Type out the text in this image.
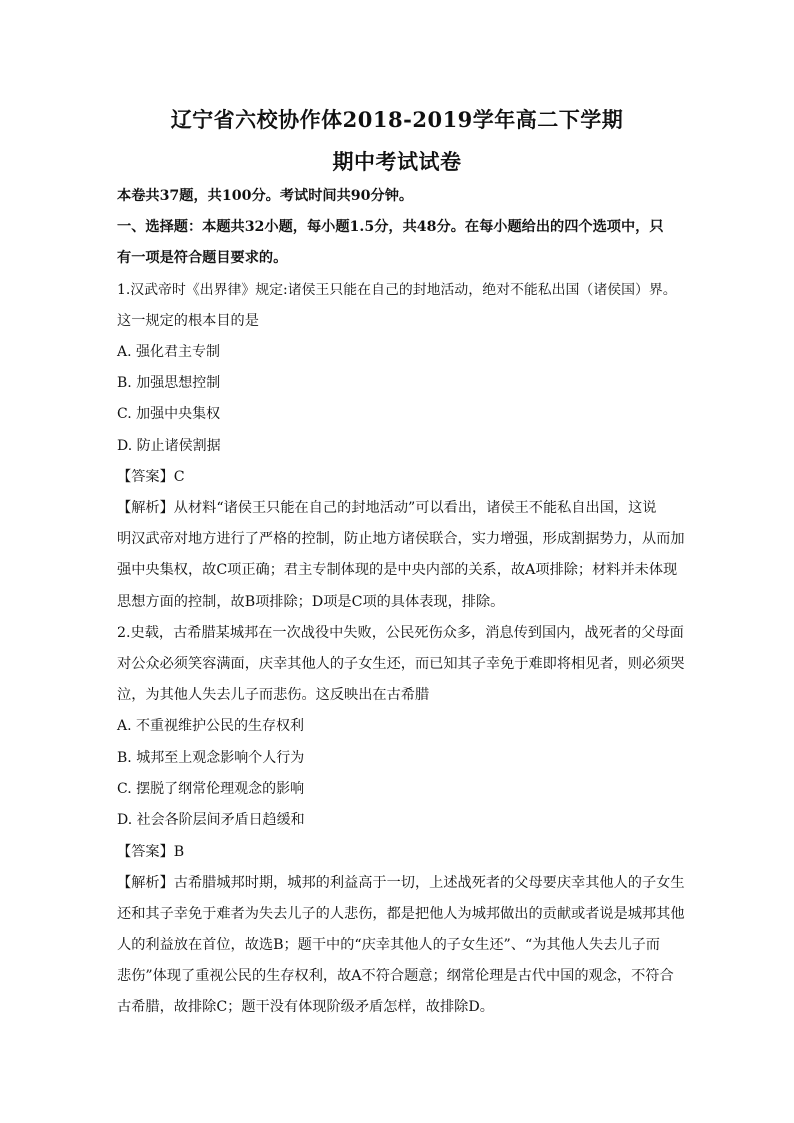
辽宁省六校协作体2018-2019学年高二下学期
期中考试试卷
本卷共37题，共100分。考试时间共90分钟。
一、选择题：本题共32小题，每小题1.5分，共48分。在每小题给出的四个选项中，只
有一项是符合题目要求的。
1.汉武帝时《出界律》规定:诸侯王只能在自己的封地活动，绝对不能私出国（诸侯国）界。
这一规定的根本目的是
A. 强化君主专制
B. 加强思想控制
C. 加强中央集权
D. 防止诸侯割据
【答案】C
【解析】从材料“诸侯王只能在自己的封地活动”可以看出，诸侯王不能私自出国，这说
明汉武帝对地方进行了严格的控制，防止地方诸侯联合，实力增强，形成割据势力，从而加
强中央集权，故C项正确；君主专制体现的是中央内部的关系，故A项排除；材料并未体现
思想方面的控制，故B项排除；D项是C项的具体表现，排除。
2.史载，古希腊某城邦在一次战役中失败，公民死伤众多，消息传到国内，战死者的父母面
对公众必须笑容满面，庆幸其他人的子女生还，而已知其子幸免于难即将相见者，则必须哭
泣，为其他人失去儿子而悲伤。这反映出在古希腊
A. 不重视维护公民的生存权利
B. 城邦至上观念影响个人行为
C. 摆脱了纲常伦理观念的影响
D. 社会各阶层间矛盾日趋缓和
【答案】B
【解析】古希腊城邦时期，城邦的利益高于一切，上述战死者的父母要庆幸其他人的子女生
还和其子幸免于难者为失去儿子的人悲伤，都是把他人为城邦做出的贡献或者说是城邦其他
人的利益放在首位，故选B；题干中的“庆幸其他人的子女生还”、“为其他人失去儿子而
悲伤”体现了重视公民的生存权利，故A不符合题意；纲常伦理是古代中国的观念，不符合
古希腊，故排除C；题干没有体现阶级矛盾怎样，故排除D。
